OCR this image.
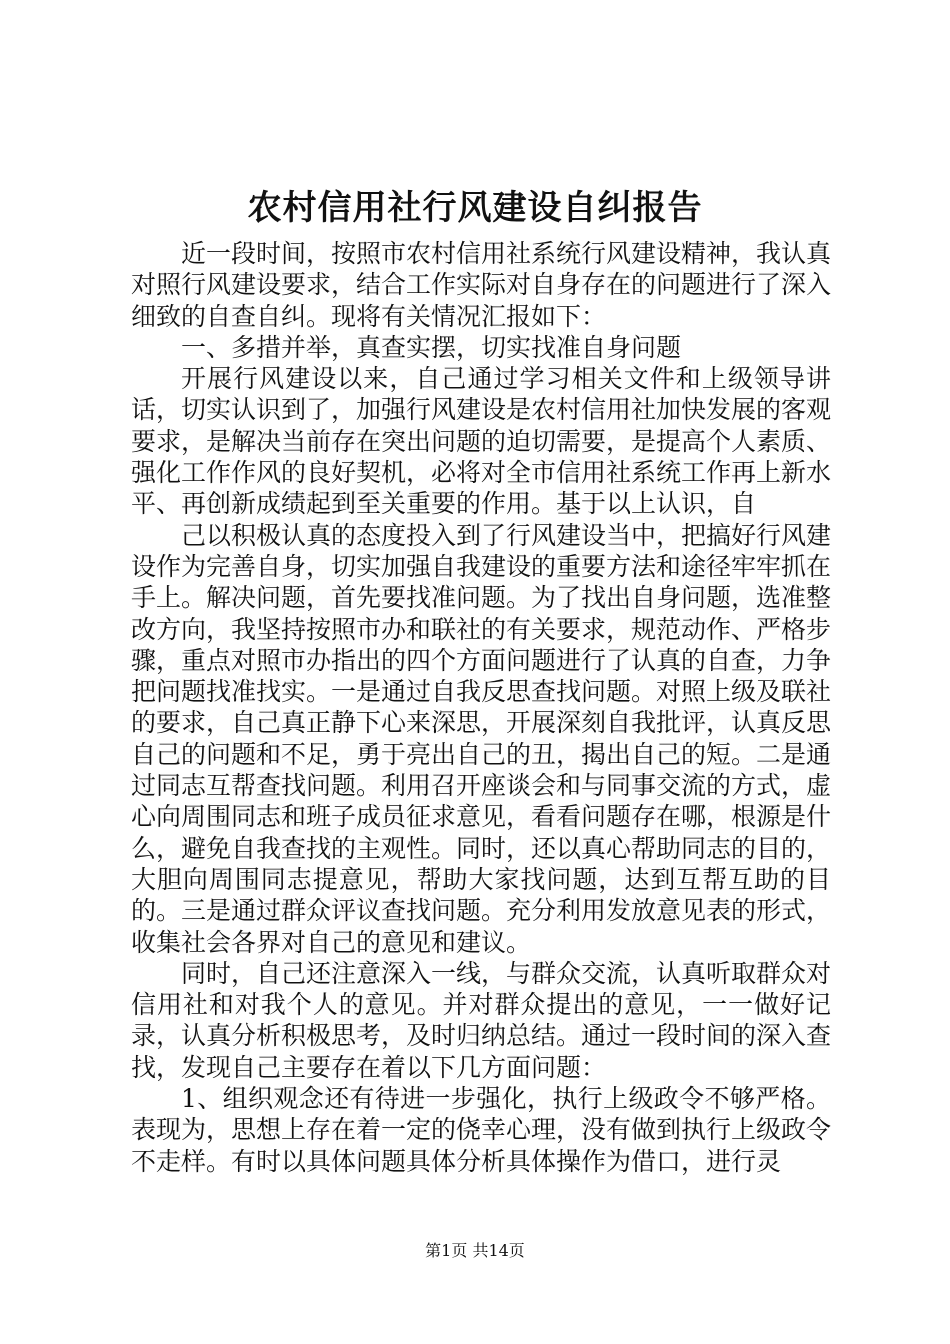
农村信用社行风建设自纠报告

近一段时间，按照市农村信用社系统行风建设精神，我认真对照行风建设要求，结合工作实际对自身存在的问题进行了深入细致的自查自纠。现将有关情况汇报如下：

一、多措并举，真查实摆，切实找准自身问题

开展行风建设以来，自己通过学习相关文件和上级领导讲话，切实认识到了，加强行风建设是农村信用社加快发展的客观要求，是解决当前存在突出问题的迫切需要，是提高个人素质、强化工作作风的良好契机，必将对全市信用社系统工作再上新水平、再创新成绩起到至关重要的作用。基于以上认识，自

己以积极认真的态度投入到了行风建设当中，把搞好行风建设作为完善自身，切实加强自我建设的重要方法和途径牢牢抓在手上。解决问题，首先要找准问题。为了找出自身问题，选准整改方向，我坚持按照市办和联社的有关要求，规范动作、严格步骤，重点对照市办指出的四个方面问题进行了认真的自查，力争把问题找准找实。一是通过自我反思查找问题。对照上级及联社的要求，自己真正静下心来深思，开展深刻自我批评，认真反思自己的问题和不足，勇于亮出自己的丑，揭出自己的短。二是通过同志互帮查找问题。利用召开座谈会和与同事交流的方式，虚心向周围同志和班子成员征求意见，看看问题存在哪，根源是什么，避免自我查找的主观性。同时，还以真心帮助同志的目的，大胆向周围同志提意见，帮助大家找问题，达到互帮互助的目的。三是通过群众评议查找问题。充分利用发放意见表的形式，收集社会各界对自己的意见和建议。

同时，自己还注意深入一线，与群众交流，认真听取群众对信用社和对我个人的意见。并对群众提出的意见，一一做好记录，认真分析积极思考，及时归纳总结。通过一段时间的深入查找，发现自己主要存在着以下几方面问题：

1、组织观念还有待进一步强化，执行上级政令不够严格。表现为，思想上存在着一定的侥幸心理，没有做到执行上级政令不走样。有时以具体问题具体分析具体操作为借口，进行灵

第1页 共14页
